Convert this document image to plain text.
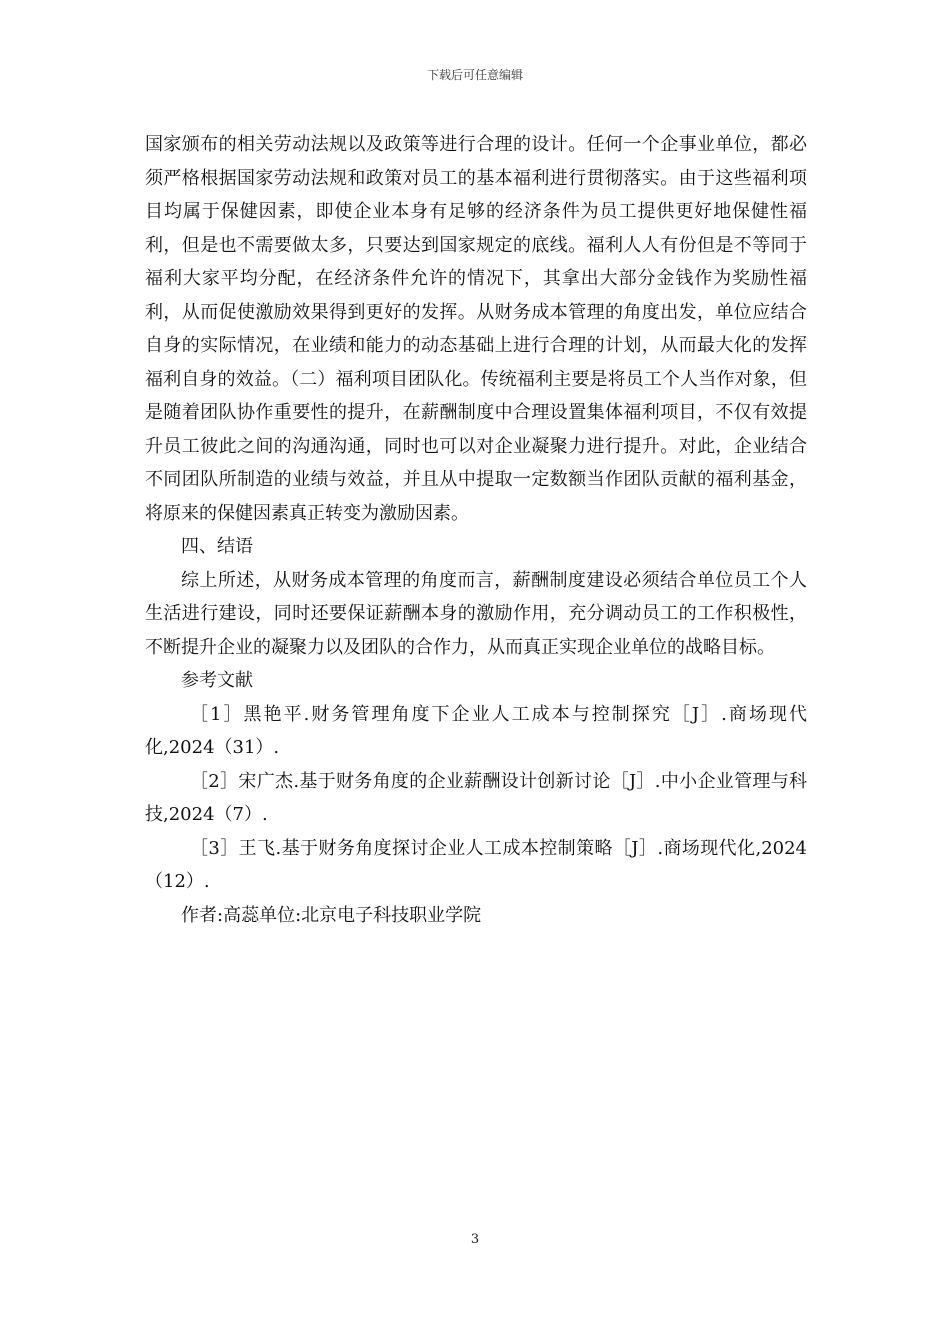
下载后可任意编辑

国家颁布的相关劳动法规以及政策等进行合理的设计。任何一个企事业单位，都必须严格根据国家劳动法规和政策对员工的基本福利进行贯彻落实。由于这些福利项目均属于保健因素，即使企业本身有足够的经济条件为员工提供更好地保健性福利，但是也不需要做太多，只要达到国家规定的底线。福利人人有份但是不等同于福利大家平均分配，在经济条件允许的情况下，其拿出大部分金钱作为奖励性福利，从而促使激励效果得到更好的发挥。从财务成本管理的角度出发，单位应结合自身的实际情况，在业绩和能力的动态基础上进行合理的计划，从而最大化的发挥福利自身的效益。（二）福利项目团队化。传统福利主要是将员工个人当作对象，但是随着团队协作重要性的提升，在薪酬制度中合理设置集体福利项目，不仅有效提升员工彼此之间的沟通沟通，同时也可以对企业凝聚力进行提升。对此，企业结合不同团队所制造的业绩与效益，并且从中提取一定数额当作团队贡献的福利基金，将原来的保健因素真正转变为激励因素。

四、结语

综上所述，从财务成本管理的角度而言，薪酬制度建设必须结合单位员工个人生活进行建设，同时还要保证薪酬本身的激励作用，充分调动员工的工作积极性，不断提升企业的凝聚力以及团队的合作力，从而真正实现企业单位的战略目标。

参考文献

［1］黑艳平.财务管理角度下企业人工成本与控制探究［J］.商场现代化,2024（31）.

［2］宋广杰.基于财务角度的企业薪酬设计创新讨论［J］.中小企业管理与科技,2024（7）.

［3］王飞.基于财务角度探讨企业人工成本控制策略［J］.商场现代化,2024（12）.

作者:高蕊单位:北京电子科技职业学院

3
